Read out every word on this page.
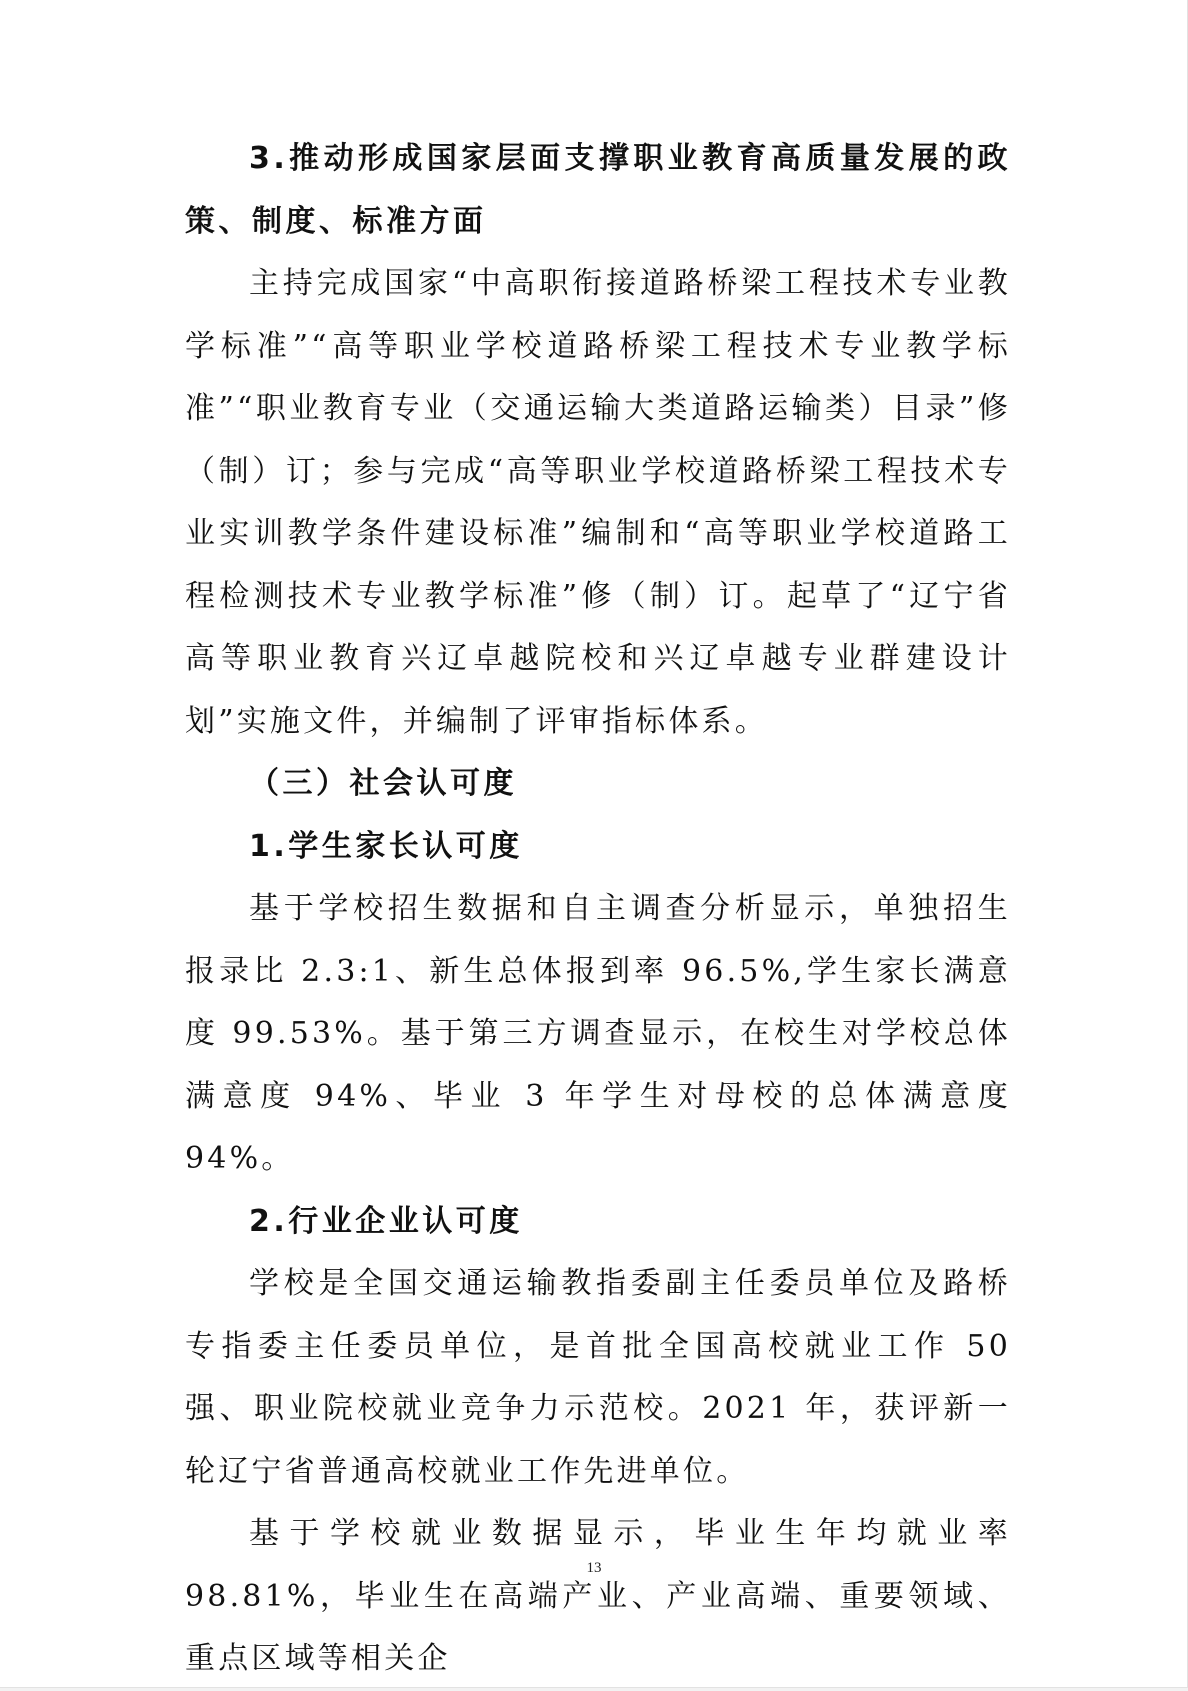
3.推动形成国家层面支撑职业教育高质量发展的政策、制度、标准方面

主持完成国家“中高职衔接道路桥梁工程技术专业教学标准”“高等职业学校道路桥梁工程技术专业教学标准”“职业教育专业（交通运输大类道路运输类）目录”修（制）订；参与完成“高等职业学校道路桥梁工程技术专业实训教学条件建设标准”编制和“高等职业学校道路工程检测技术专业教学标准”修（制）订。起草了“辽宁省高等职业教育兴辽卓越院校和兴辽卓越专业群建设计划”实施文件，并编制了评审指标体系。

（三）社会认可度

1.学生家长认可度

基于学校招生数据和自主调查分析显示，单独招生报录比 2.3:1、新生总体报到率 96.5%,学生家长满意度 99.53%。基于第三方调查显示，在校生对学校总体满意度 94%、毕业 3 年学生对母校的总体满意度 94%。

2.行业企业认可度

学校是全国交通运输教指委副主任委员单位及路桥专指委主任委员单位，是首批全国高校就业工作 50 强、职业院校就业竞争力示范校。2021 年，获评新一轮辽宁省普通高校就业工作先进单位。

基于学校就业数据显示，毕业生年均就业率 98.81%，毕业生在高端产业、产业高端、重要领域、重点区域等相关企

13
